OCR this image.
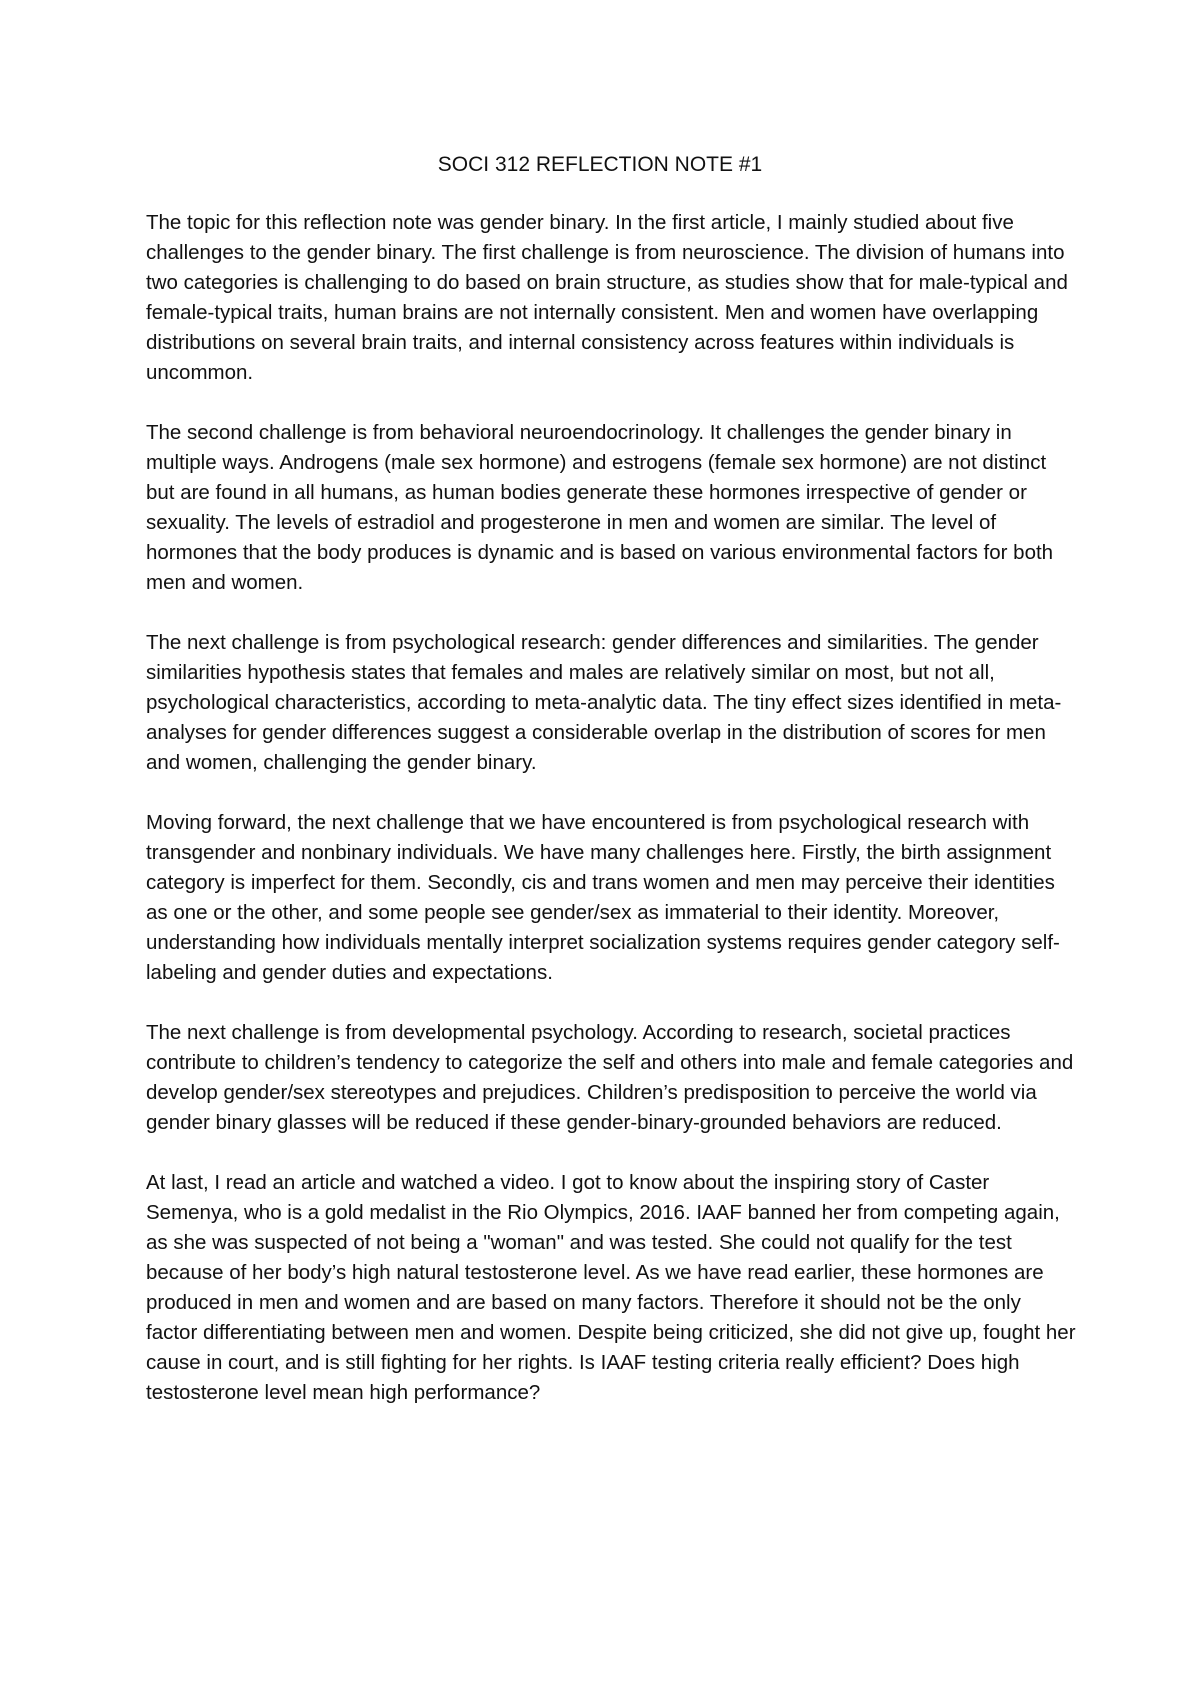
SOCI 312 REFLECTION NOTE #1

The topic for this reflection note was gender binary. In the first article, I mainly studied about five challenges to the gender binary. The first challenge is from neuroscience. The division of humans into two categories is challenging to do based on brain structure, as studies show that for male-typical and female-typical traits, human brains are not internally consistent. Men and women have overlapping distributions on several brain traits, and internal consistency across features within individuals is uncommon.

The second challenge is from behavioral neuroendocrinology. It challenges the gender binary in multiple ways. Androgens (male sex hormone) and estrogens (female sex hormone) are not distinct but are found in all humans, as human bodies generate these hormones irrespective of gender or sexuality. The levels of estradiol and progesterone in men and women are similar. The level of hormones that the body produces is dynamic and is based on various environmental factors for both men and women.

The next challenge is from psychological research: gender differences and similarities. The gender similarities hypothesis states that females and males are relatively similar on most, but not all, psychological characteristics, according to meta-analytic data. The tiny effect sizes identified in meta-analyses for gender differences suggest a considerable overlap in the distribution of scores for men and women, challenging the gender binary.

Moving forward, the next challenge that we have encountered is from psychological research with transgender and nonbinary individuals. We have many challenges here. Firstly, the birth assignment category is imperfect for them. Secondly, cis and trans women and men may perceive their identities as one or the other, and some people see gender/sex as immaterial to their identity. Moreover, understanding how individuals mentally interpret socialization systems requires gender category self-labeling and gender duties and expectations.

The next challenge is from developmental psychology. According to research, societal practices contribute to children’s tendency to categorize the self and others into male and female categories and develop gender/sex stereotypes and prejudices. Children’s predisposition to perceive the world via gender binary glasses will be reduced if these gender-binary-grounded behaviors are reduced.

At last, I read an article and watched a video. I got to know about the inspiring story of Caster Semenya, who is a gold medalist in the Rio Olympics, 2016. IAAF banned her from competing again, as she was suspected of not being a "woman" and was tested. She could not qualify for the test because of her body’s high natural testosterone level. As we have read earlier, these hormones are produced in men and women and are based on many factors. Therefore it should not be the only factor differentiating between men and women. Despite being criticized, she did not give up, fought her cause in court, and is still fighting for her rights. Is IAAF testing criteria really efficient? Does high testosterone level mean high performance?
